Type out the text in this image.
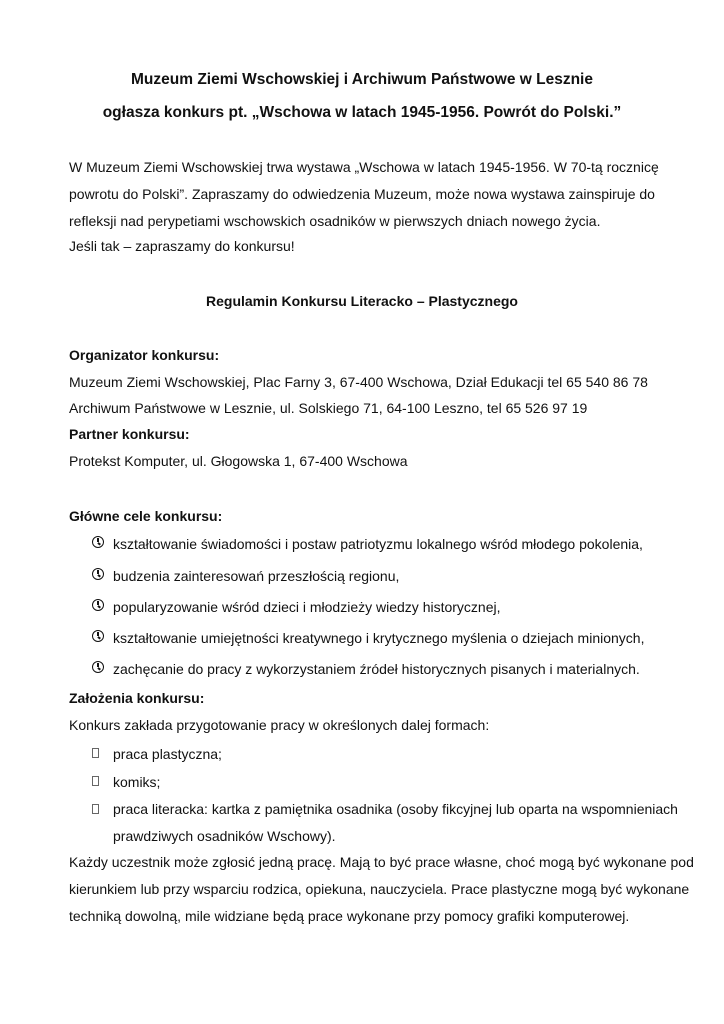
Muzeum Ziemi Wschowskiej i Archiwum Państwowe w Lesznie
ogłasza konkurs pt. „Wschowa w latach 1945-1956. Powrót do Polski.”
W Muzeum Ziemi Wschowskiej trwa wystawa „Wschowa w latach 1945-1956. W 70-tą rocznicę
powrotu do Polski”. Zapraszamy do odwiedzenia Muzeum, może nowa wystawa zainspiruje do
refleksji nad perypetiami wschowskich osadników w pierwszych dniach nowego życia.
Jeśli tak – zapraszamy do konkursu!
Regulamin Konkursu Literacko – Plastycznego
Organizator konkursu:
Muzeum Ziemi Wschowskiej, Plac Farny 3, 67-400 Wschowa, Dział Edukacji tel 65 540 86 78
Archiwum Państwowe w Lesznie, ul. Solskiego 71, 64-100 Leszno, tel 65 526 97 19
Partner konkursu:
Protekst Komputer, ul. Głogowska 1, 67-400 Wschowa
Główne cele konkursu:
kształtowanie świadomości i postaw patriotyzmu lokalnego wśród młodego pokolenia,
budzenia zainteresowań przeszłością regionu,
popularyzowanie wśród dzieci i młodzieży wiedzy historycznej,
kształtowanie umiejętności kreatywnego i krytycznego myślenia o dziejach minionych,
zachęcanie do pracy z wykorzystaniem źródeł historycznych pisanych i materialnych.
Założenia konkursu:
Konkurs zakłada przygotowanie pracy w określonych dalej formach:
praca plastyczna;
komiks;
praca literacka: kartka z pamiętnika osadnika (osoby fikcyjnej lub oparta na wspomnieniach
prawdziwych osadników Wschowy).
Każdy uczestnik może zgłosić jedną pracę. Mają to być prace własne, choć mogą być wykonane pod
kierunkiem lub przy wsparciu rodzica, opiekuna, nauczyciela. Prace plastyczne mogą być wykonane
techniką dowolną, mile widziane będą prace wykonane przy pomocy grafiki komputerowej.
